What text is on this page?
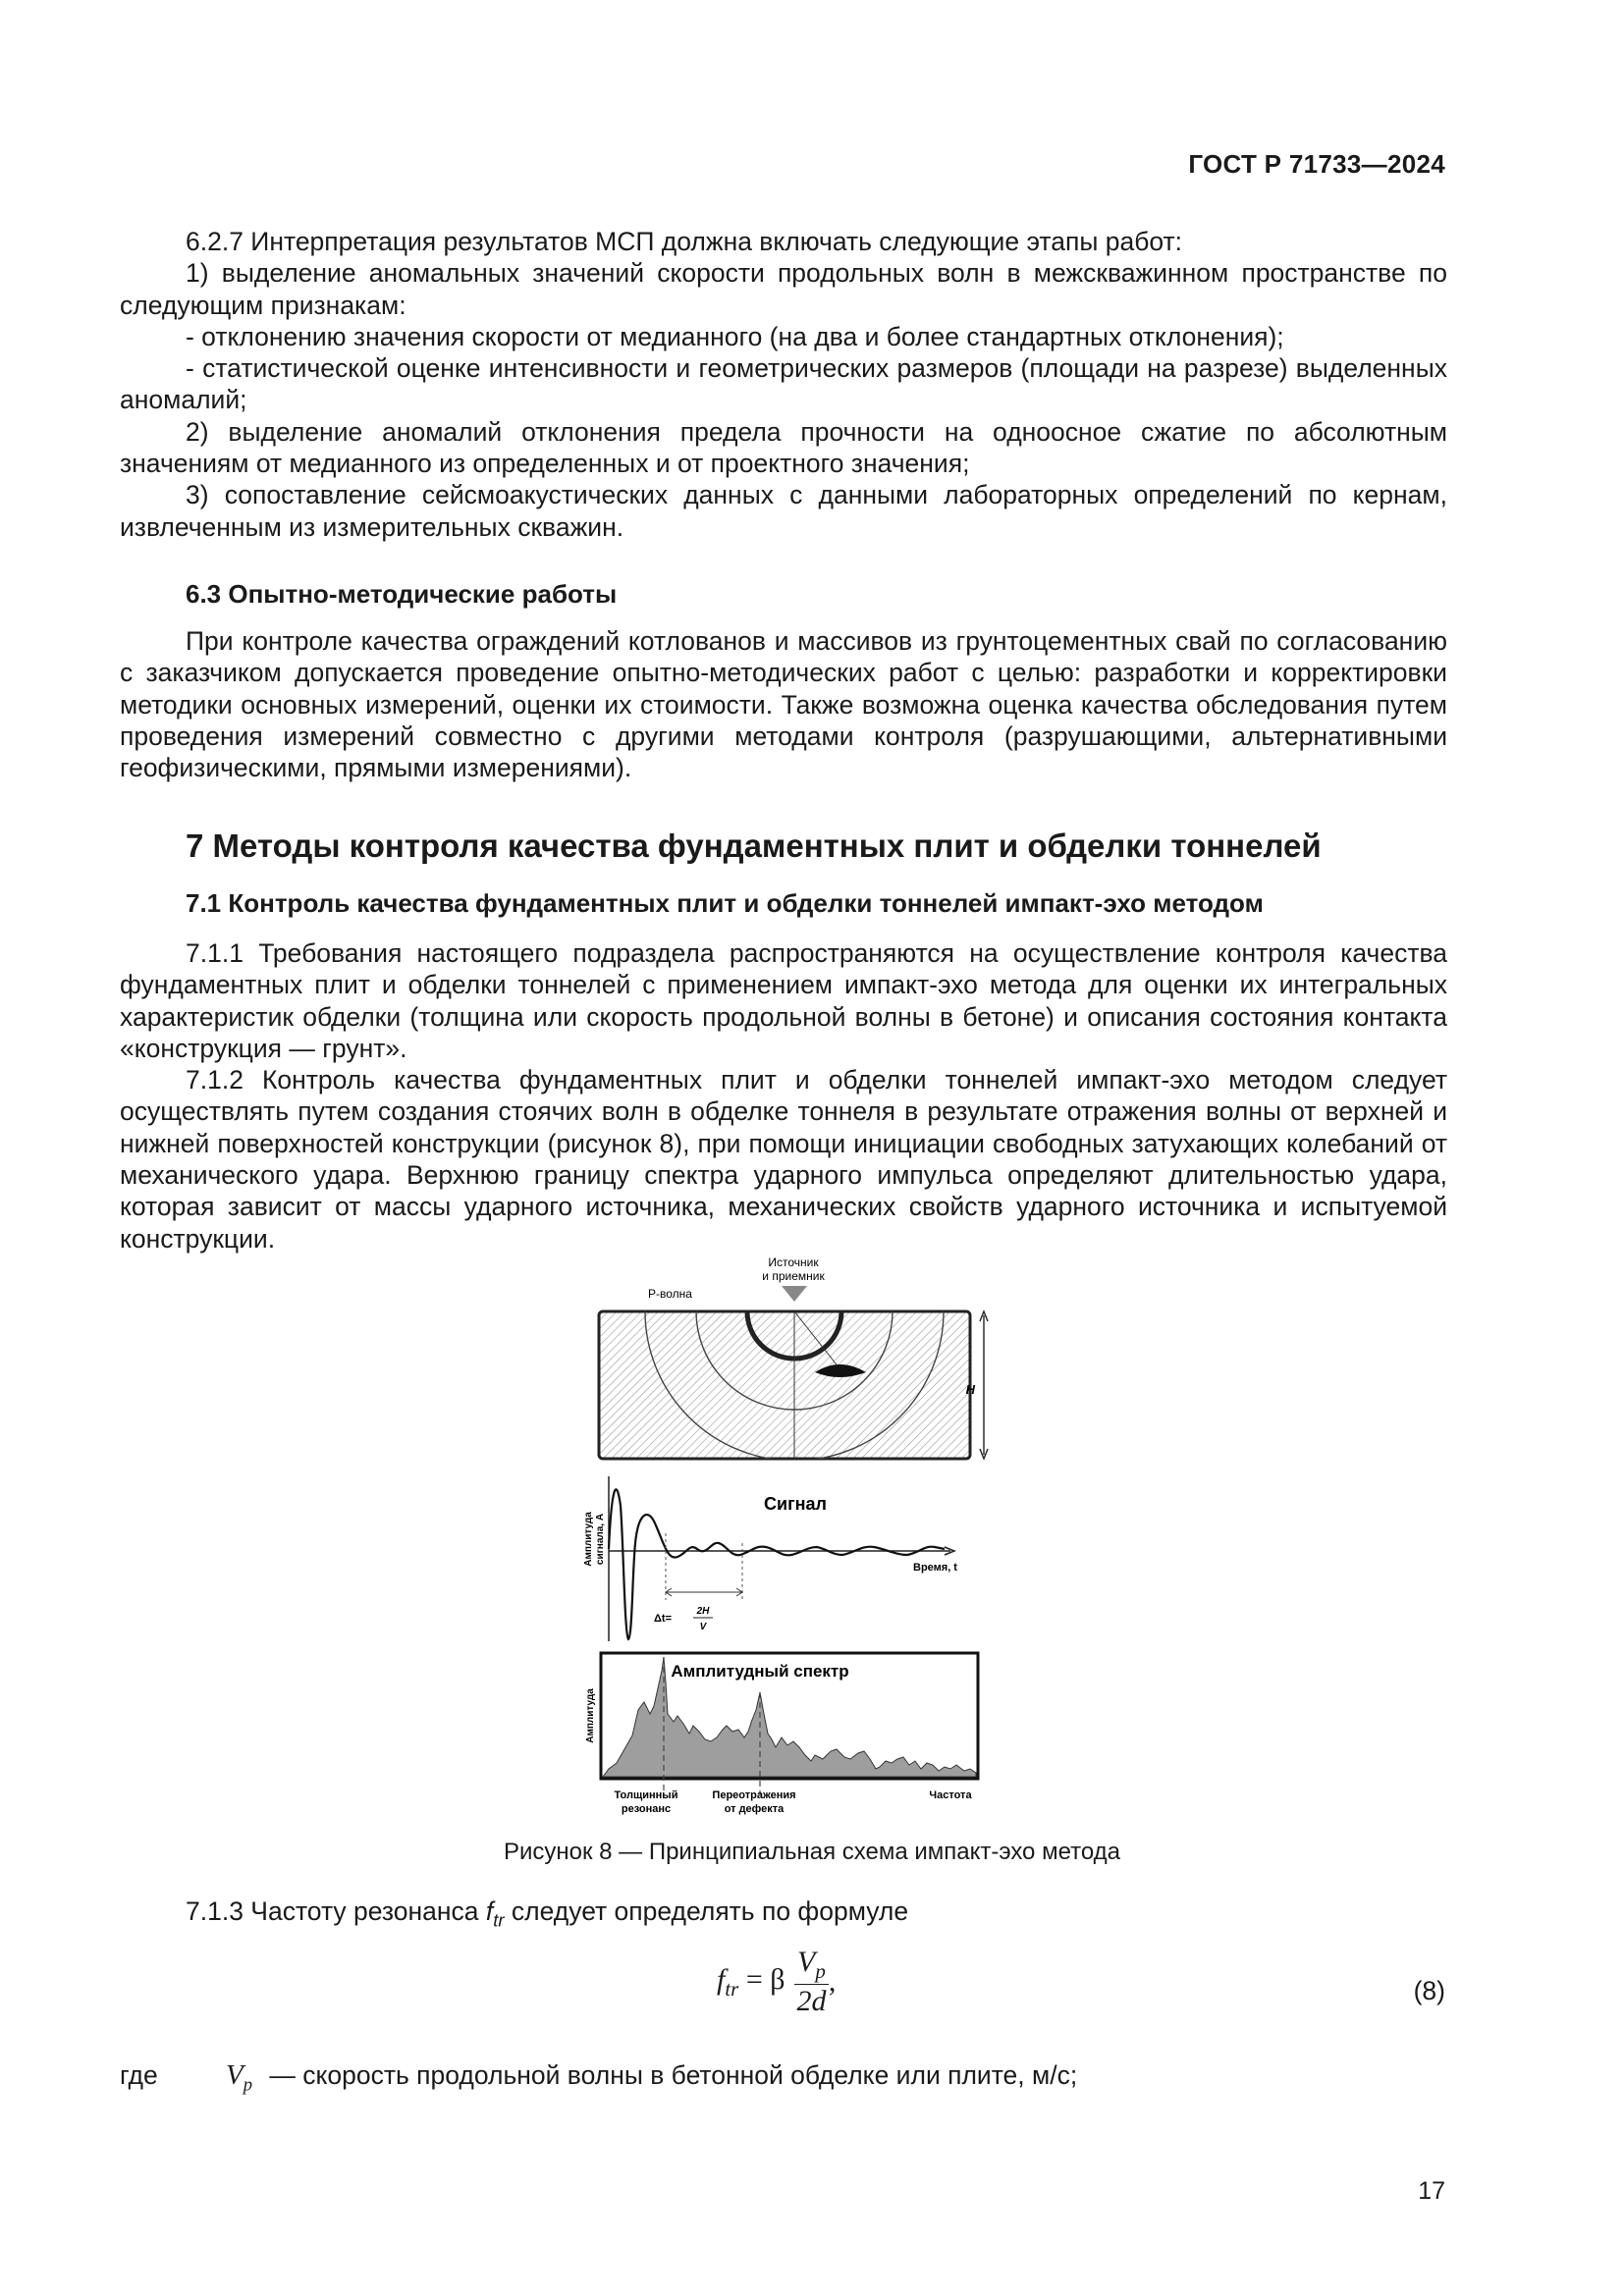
ГОСТ Р 71733—2024

6.2.7 Интерпретация результатов МСП должна включать следующие этапы работ:

1) выделение аномальных значений скорости продольных волн в межскважинном пространстве по следующим признакам:

- отклонению значения скорости от медианного (на два и более стандартных отклонения);

- статистической оценке интенсивности и геометрических размеров (площади на разрезе) выделенных аномалий;

2) выделение аномалий отклонения предела прочности на одноосное сжатие по абсолютным значениям от медианного из определенных и от проектного значения;

3) сопоставление сейсмоакустических данных с данными лабораторных определений по кернам, извлеченным из измерительных скважин.

6.3 Опытно-методические работы

При контроле качества ограждений котлованов и массивов из грунтоцементных свай по согласованию с заказчиком допускается проведение опытно-методических работ с целью: разработки и корректировки методики основных измерений, оценки их стоимости. Также возможна оценка качества обследования путем проведения измерений совместно с другими методами контроля (разрушающими, альтернативными геофизическими, прямыми измерениями).

7 Методы контроля качества фундаментных плит и обделки тоннелей
7.1 Контроль качества фундаментных плит и обделки тоннелей импакт-эхо методом

7.1.1 Требования настоящего подраздела распространяются на осуществление контроля качества фундаментных плит и обделки тоннелей с применением импакт-эхо метода для оценки их интегральных характеристик обделки (толщина или скорость продольной волны в бетоне) и описания состояния контакта «конструкция — грунт».

7.1.2 Контроль качества фундаментных плит и обделки тоннелей импакт-эхо методом следует осуществлять путем создания стоячих волн в обделке тоннеля в результате отражения волны от верхней и нижней поверхностей конструкции (рисунок 8), при помощи инициации свободных затухающих колебаний от механического удара. Верхнюю границу спектра ударного импульса определяют длительностью удара, которая зависит от массы ударного источника, механических свойств ударного источника и испытуемой конструкции.

Источник
и приемник
P-волна
H
Амплитуда сигнала, A
Сигнал
Время, t
Δt=
2H
V
Амплитуда
Амплитудный спектр
Толщинный
резонанс
Переотражения
от дефекта
Частота
Рисунок 8 — Принципиальная схема импакт-эхо метода
7.1.3 Частоту резонанса $f_{tr}$ следует определять по формуле
$f_{tr} = \beta \frac{V_p}{2d}$ ,	(8)
где $V_p$ — скорость продольной волны в бетонной обделке или плите, м/с;
17
